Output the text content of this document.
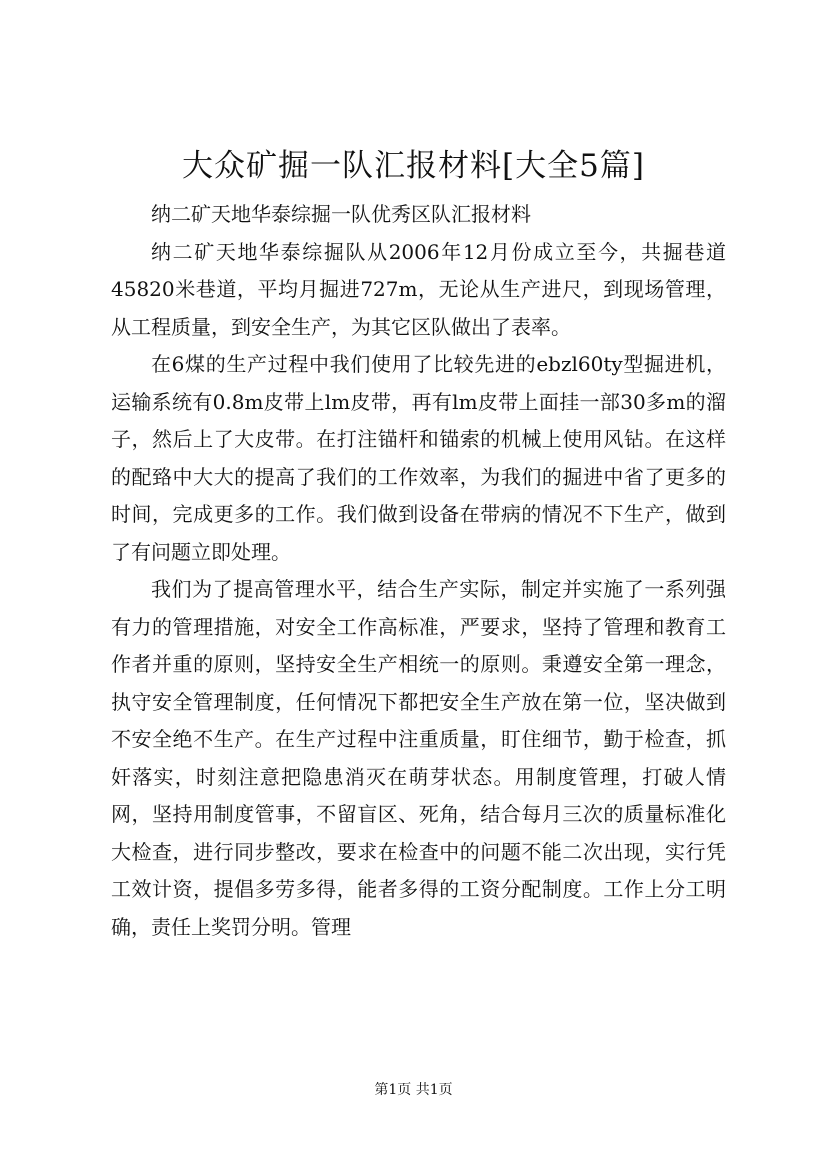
大众矿掘一队汇报材料[大全5篇]

纳二矿天地华泰综掘一队优秀区队汇报材料

纳二矿天地华泰综掘队从2006年12月份成立至今，共掘巷道45820米巷道，平均月掘进727m，无论从生产进尺，到现场管理，从工程质量，到安全生产，为其它区队做出了表率。

在6煤的生产过程中我们使用了比较先进的ebzl60ty型掘进机，运输系统有0.8m皮带上lm皮带，再有lm皮带上面挂一部30多m的溜子，然后上了大皮带。在打注锚杆和锚索的机械上使用风钻。在这样的配臵中大大的提高了我们的工作效率，为我们的掘进中省了更多的时间，完成更多的工作。我们做到设备在带病的情况不下生产，做到了有问题立即处理。

我们为了提高管理水平，结合生产实际，制定并实施了一系列强有力的管理措施，对安全工作高标准，严要求，坚持了管理和教育工作者并重的原则，坚持安全生产相统一的原则。秉遵安全第一理念，执守安全管理制度，任何情况下都把安全生产放在第一位，坚决做到不安全绝不生产。在生产过程中注重质量，盯住细节，勤于检查，抓奸落实，时刻注意把隐患消灭在萌芽状态。用制度管理，打破人情网，坚持用制度管事，不留盲区、死角，结合每月三次的质量标准化大检查，进行同步整改，要求在检查中的问题不能二次出现，实行凭工效计资，提倡多劳多得，能者多得的工资分配制度。工作上分工明确，责任上奖罚分明。管理

第1页 共1页
